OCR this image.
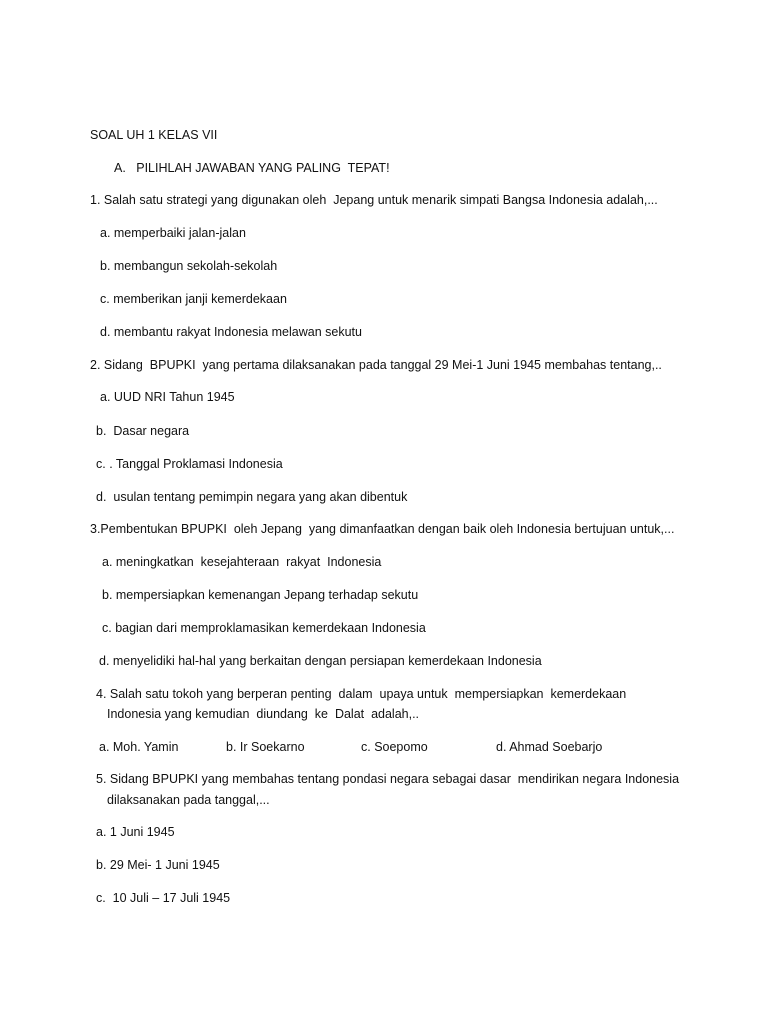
SOAL UH 1 KELAS VII

A.   PILIHLAH JAWABAN YANG PALING  TEPAT!

1. Salah satu strategi yang digunakan oleh  Jepang untuk menarik simpati Bangsa Indonesia adalah,...

a. memperbaiki jalan-jalan

b. membangun sekolah-sekolah

c. memberikan janji kemerdekaan

d. membantu rakyat Indonesia melawan sekutu

2. Sidang  BPUPKI  yang pertama dilaksanakan pada tanggal 29 Mei-1 Juni 1945 membahas tentang,..

a. UUD NRI Tahun 1945

b.  Dasar negara

c. . Tanggal Proklamasi Indonesia

d.  usulan tentang pemimpin negara yang akan dibentuk

3.Pembentukan BPUPKI  oleh Jepang  yang dimanfaatkan dengan baik oleh Indonesia bertujuan untuk,...

a. meningkatkan  kesejahteraan  rakyat  Indonesia

b. mempersiapkan kemenangan Jepang terhadap sekutu

c. bagian dari memproklamasikan kemerdekaan Indonesia

d. menyelidiki hal-hal yang berkaitan dengan persiapan kemerdekaan Indonesia

4. Salah satu tokoh yang berperan penting  dalam  upaya untuk  mempersiapkan  kemerdekaan

Indonesia yang kemudian  diundang  ke  Dalat  adalah,..

a. Moh. Yamin

	b. Ir Soekarno

	c. Soepomo

	d. Ahmad Soebarjo

5. Sidang BPUPKI yang membahas tentang pondasi negara sebagai dasar  mendirikan negara Indonesia

dilaksanakan pada tanggal,...

a. 1 Juni 1945

b. 29 Mei- 1 Juni 1945

c.  10 Juli – 17 Juli 1945
